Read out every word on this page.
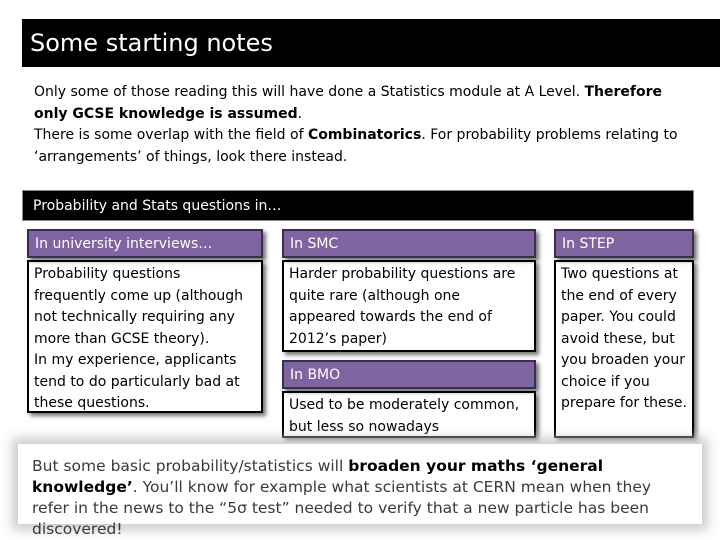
Some starting notes

Only some of those reading this will have done a Statistics module at A Level. Therefore only GCSE knowledge is assumed.

There is some overlap with the field of Combinatorics. For probability problems relating to ‘arrangements’ of things, look there instead.

Probability and Stats questions in…
In university interviews…
Probability questions frequently come up (although not technically requiring any more than GCSE theory).
In my experience, applicants tend to do particularly bad at these questions.
In SMC
Harder probability questions are quite rare (although one appeared towards the end of 2012’s paper)
In BMO
Used to be moderately common, but less so nowadays
In STEP
Two questions at the end of every paper. You could avoid these, but you broaden your choice if you prepare for these.

But some basic probability/statistics will broaden your maths ‘general knowledge’. You’ll know for example what scientists at CERN mean when they refer in the news to the “5σ test” needed to verify that a new particle has been discovered!
